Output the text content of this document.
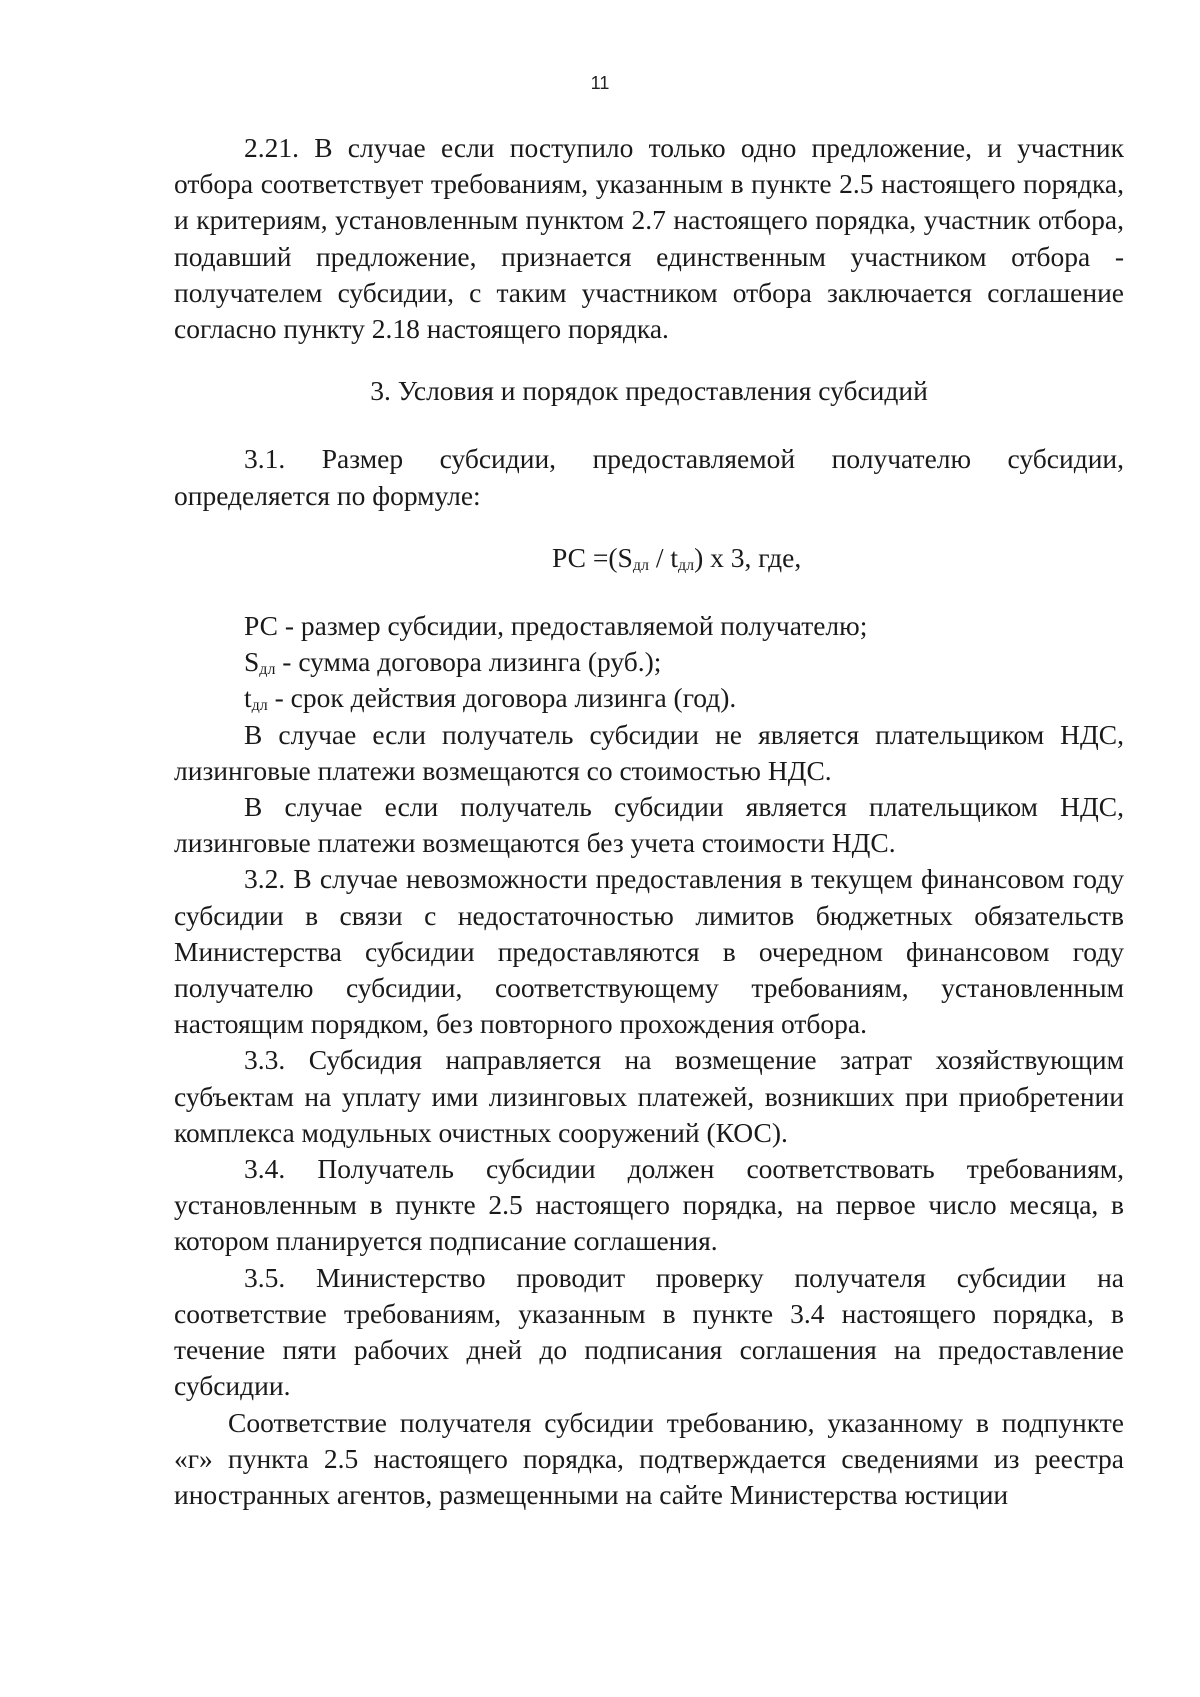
11

2.21. В случае если поступило только одно предложение, и участник отбора соответствует требованиям, указанным в пункте 2.5 настоящего порядка, и критериям, установленным пунктом 2.7 настоящего порядка, участник отбора, подавший предложение, признается единственным участником отбора - получателем субсидии, с таким участником отбора заключается соглашение согласно пункту 2.18 настоящего порядка.

3. Условия и порядок предоставления субсидий

3.1. Размер субсидии, предоставляемой получателю субсидии, определяется по формуле:

РС $=(S_{дл} / t_{дл})$ х 3, где,

РС - размер субсидии, предоставляемой получателю;

$S_{дл}$ - сумма договора лизинга (руб.);

$t_{дл}$ - срок действия договора лизинга (год).

В случае если получатель субсидии не является плательщиком НДС, лизинговые платежи возмещаются со стоимостью НДС.

В случае если получатель субсидии является плательщиком НДС, лизинговые платежи возмещаются без учета стоимости НДС.

3.2. В случае невозможности предоставления в текущем финансовом году субсидии в связи с недостаточностью лимитов бюджетных обязательств Министерства субсидии предоставляются в очередном финансовом году получателю субсидии, соответствующему требованиям, установленным настоящим порядком, без повторного прохождения отбора.

3.3. Субсидия направляется на возмещение затрат хозяйствующим субъектам на уплату ими лизинговых платежей, возникших при приобретении комплекса модульных очистных сооружений (КОС).

3.4. Получатель субсидии должен соответствовать требованиям, установленным в пункте 2.5 настоящего порядка, на первое число месяца, в котором планируется подписание соглашения.

3.5. Министерство проводит проверку получателя субсидии на соответствие требованиям, указанным в пункте 3.4 настоящего порядка, в течение пяти рабочих дней до подписания соглашения на предоставление субсидии.

Соответствие получателя субсидии требованию, указанному в подпункте «г» пункта 2.5 настоящего порядка, подтверждается сведениями из реестра иностранных агентов, размещенными на сайте Министерства юстиции
